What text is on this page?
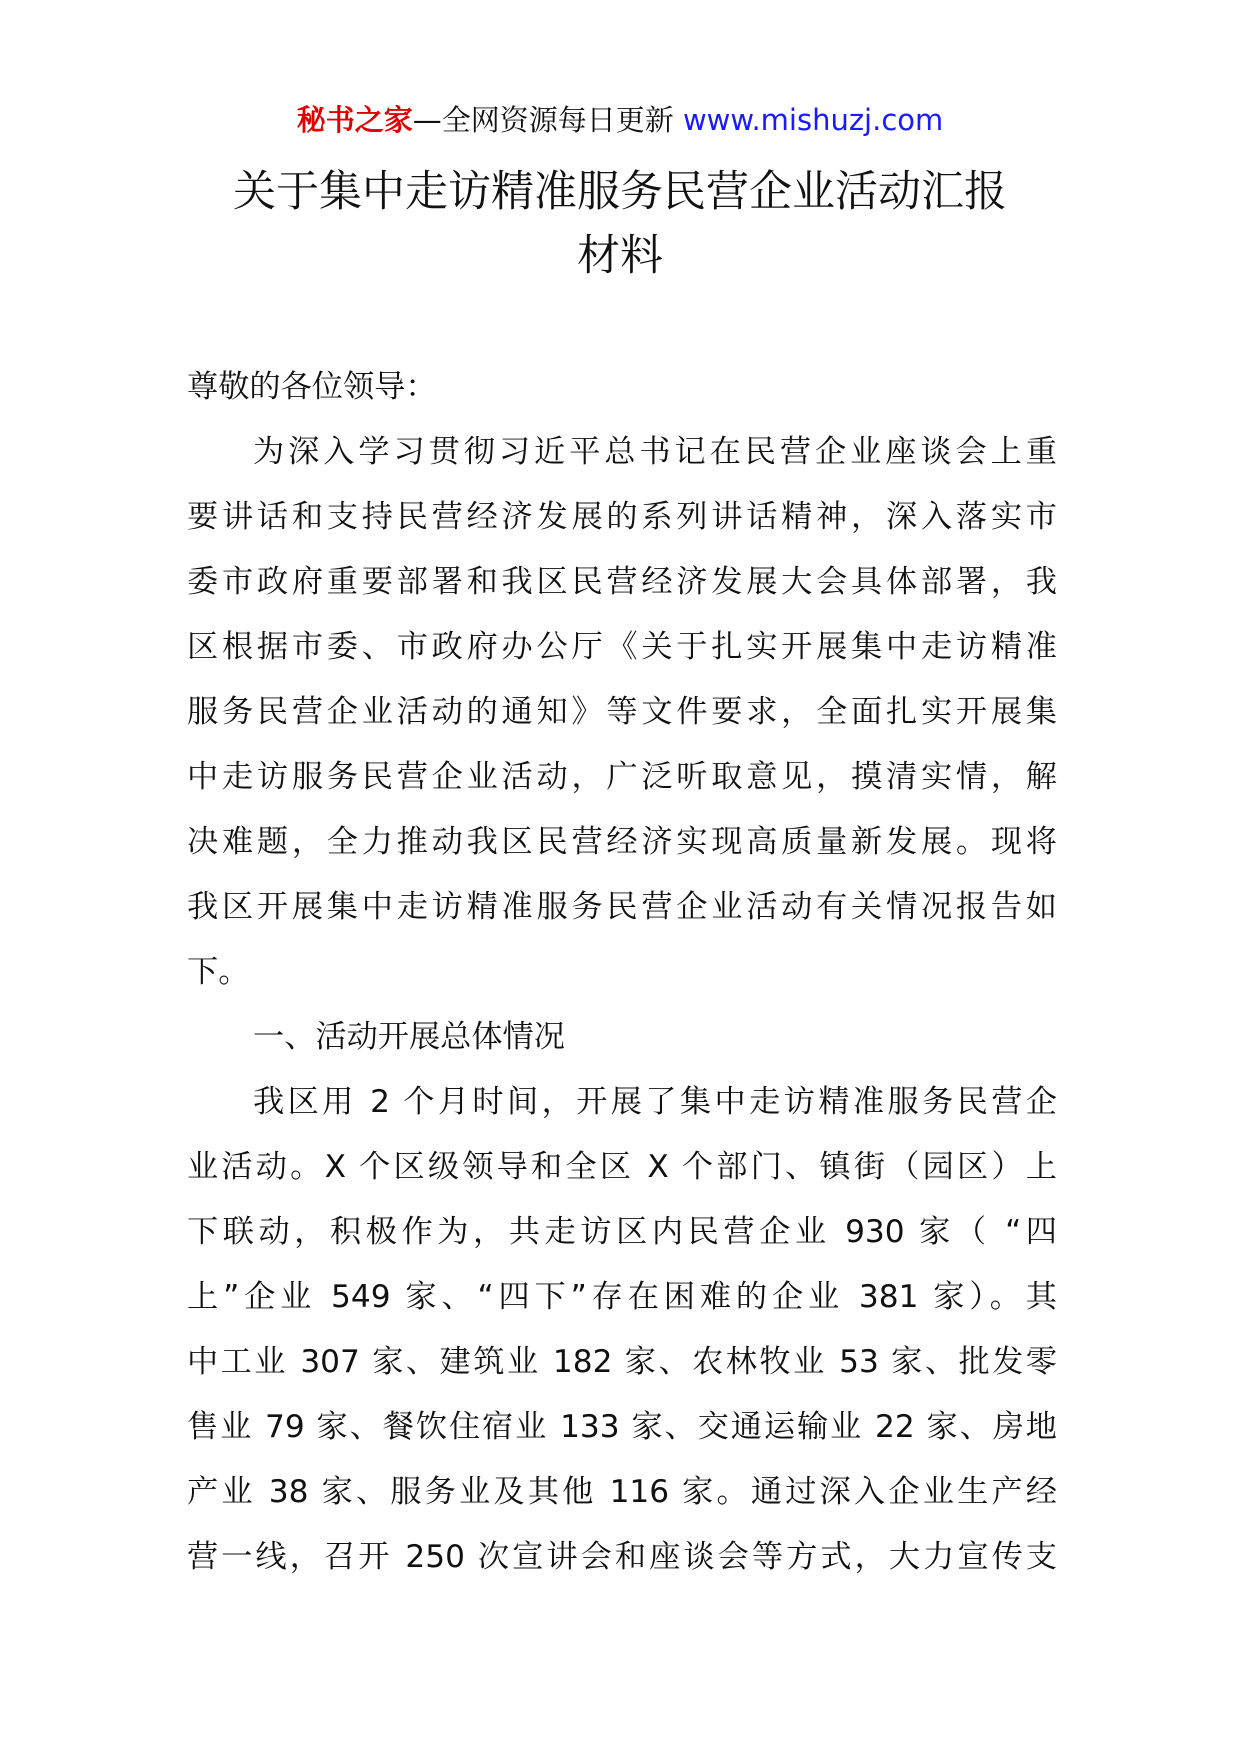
秘书之家—全网资源每日更新 www.mishuzj.com
关于集中走访精准服务民营企业活动汇报
材料
尊敬的各位领导：
为深入学习贯彻习近平总书记在民营企业座谈会上重
要讲话和支持民营经济发展的系列讲话精神，深入落实市
委市政府重要部署和我区民营经济发展大会具体部署，我
区根据市委、市政府办公厅《关于扎实开展集中走访精准
服务民营企业活动的通知》等文件要求，全面扎实开展集
中走访服务民营企业活动，广泛听取意见，摸清实情，解
决难题，全力推动我区民营经济实现高质量新发展。现将
我区开展集中走访精准服务民营企业活动有关情况报告如
下。
一、活动开展总体情况
我区用 2 个月时间，开展了集中走访精准服务民营企
业活动。X 个区级领导和全区 X 个部门、镇街（园区）上
下联动，积极作为，共走访区内民营企业 930 家（ “四
上”企业 549 家、“四下”存在困难的企业 381 家）。其
中工业 307 家、建筑业 182 家、农林牧业 53 家、批发零
售业 79 家、餐饮住宿业 133 家、交通运输业 22 家、房地
产业 38 家、服务业及其他 116 家。通过深入企业生产经
营一线，召开 250 次宣讲会和座谈会等方式，大力宣传支
